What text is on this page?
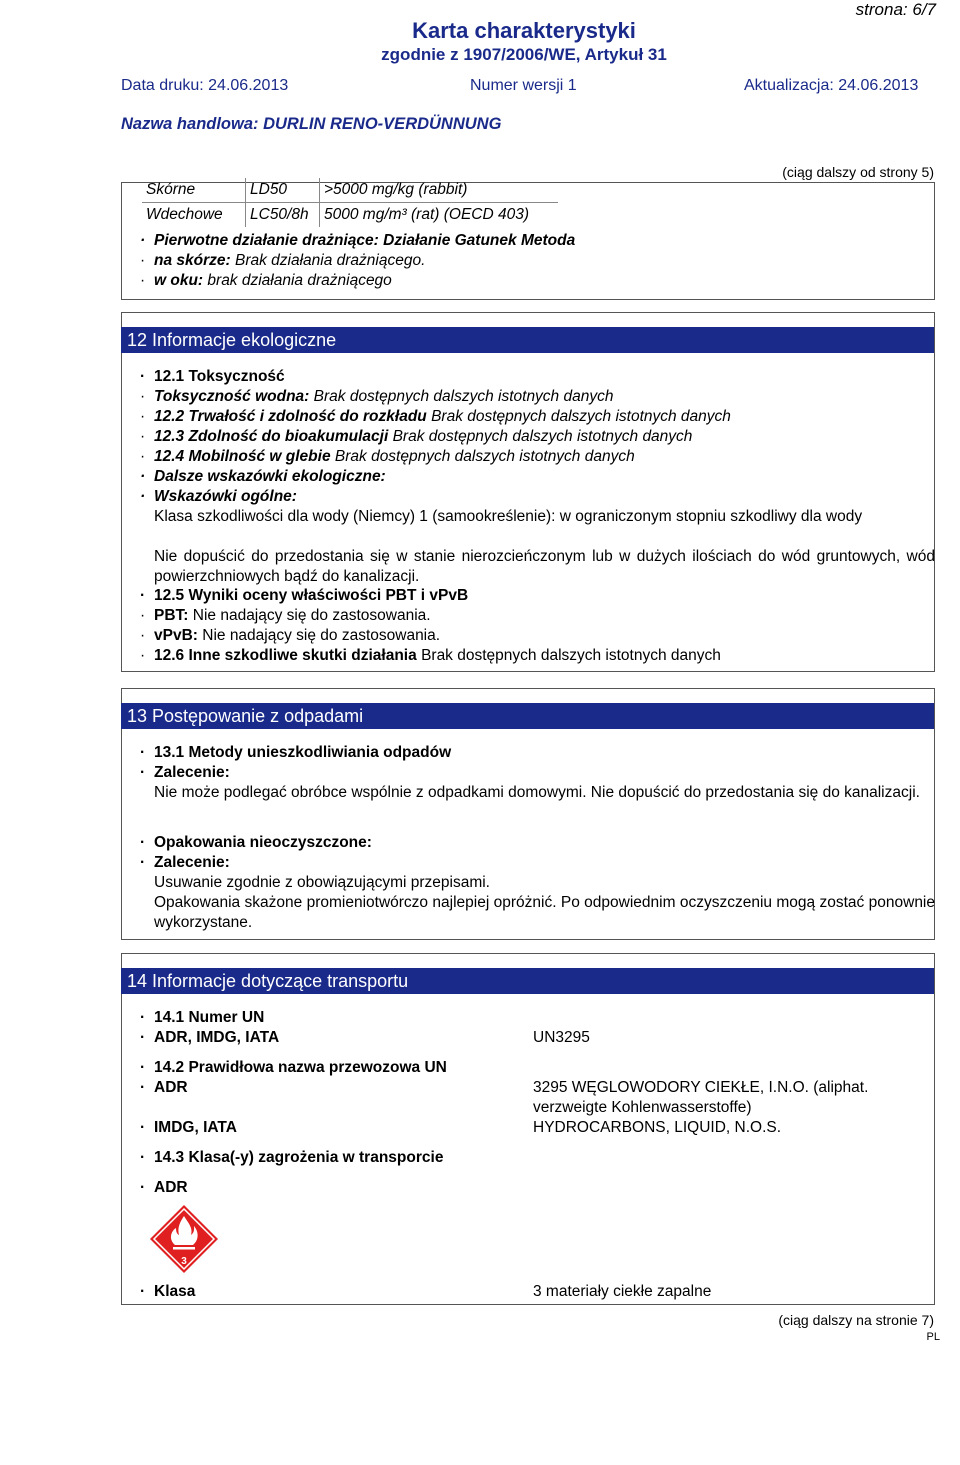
strona: 6/7
Karta charakterystyki
zgodnie z 1907/2006/WE, Artykuł 31
Data druku: 24.06.2013	Numer wersji 1	Aktualizacja: 24.06.2013
Nazwa handlowa: DURLIN RENO-VERDÜNNUNG
(ciąg dalszy od strony 5)
Skórne	LD50	>5000 mg/kg (rabbit)
Wdechowe	LC50/8h	5000 mg/m³ (rat) (OECD 403)
· Pierwotne działanie drażniące: Działanie Gatunek Metoda
· na skórze: Brak działania drażniącego.
· w oku: brak działania drażniącego
12 Informacje ekologiczne
· 12.1 Toksyczność
· Toksyczność wodna: Brak dostępnych dalszych istotnych danych
· 12.2 Trwałość i zdolność do rozkładu Brak dostępnych dalszych istotnych danych
· 12.3 Zdolność do bioakumulacji Brak dostępnych dalszych istotnych danych
· 12.4 Mobilność w glebie Brak dostępnych dalszych istotnych danych
· Dalsze wskazówki ekologiczne:
· Wskazówki ogólne:
Klasa szkodliwości dla wody (Niemcy) 1 (samookreślenie): w ograniczonym stopniu szkodliwy dla wody
Nie dopuścić do przedostania się w stanie nierozcieńczonym lub w dużych ilościach do wód gruntowych, wód powierzchniowych bądź do kanalizacji.
· 12.5 Wyniki oceny właściwości PBT i vPvB
· PBT: Nie nadający się do zastosowania.
· vPvB: Nie nadający się do zastosowania.
· 12.6 Inne szkodliwe skutki działania Brak dostępnych dalszych istotnych danych
13 Postępowanie z odpadami
· 13.1 Metody unieszkodliwiania odpadów
· Zalecenie:
Nie może podlegać obróbce wspólnie z odpadkami domowymi. Nie dopuścić do przedostania się do kanalizacji.
· Opakowania nieoczyszczone:
· Zalecenie:
Usuwanie zgodnie z obowiązującymi przepisami.
Opakowania skażone promieniotwórczo najlepiej opróżnić. Po odpowiednim oczyszczeniu mogą zostać ponownie wykorzystane.
14 Informacje dotyczące transportu
· 14.1 Numer UN
· ADR, IMDG, IATA	UN3295
· 14.2 Prawidłowa nazwa przewozowa UN
· ADR	3295 WĘGLOWODORY CIEKŁE, I.N.O. (aliphat. verzweigte Kohlenwasserstoffe)
· IMDG, IATA	HYDROCARBONS, LIQUID, N.O.S.
· 14.3 Klasa(-y) zagrożenia w transporcie
· ADR
3
· Klasa	3 materiały ciekłe zapalne
(ciąg dalszy na stronie 7)
PL
